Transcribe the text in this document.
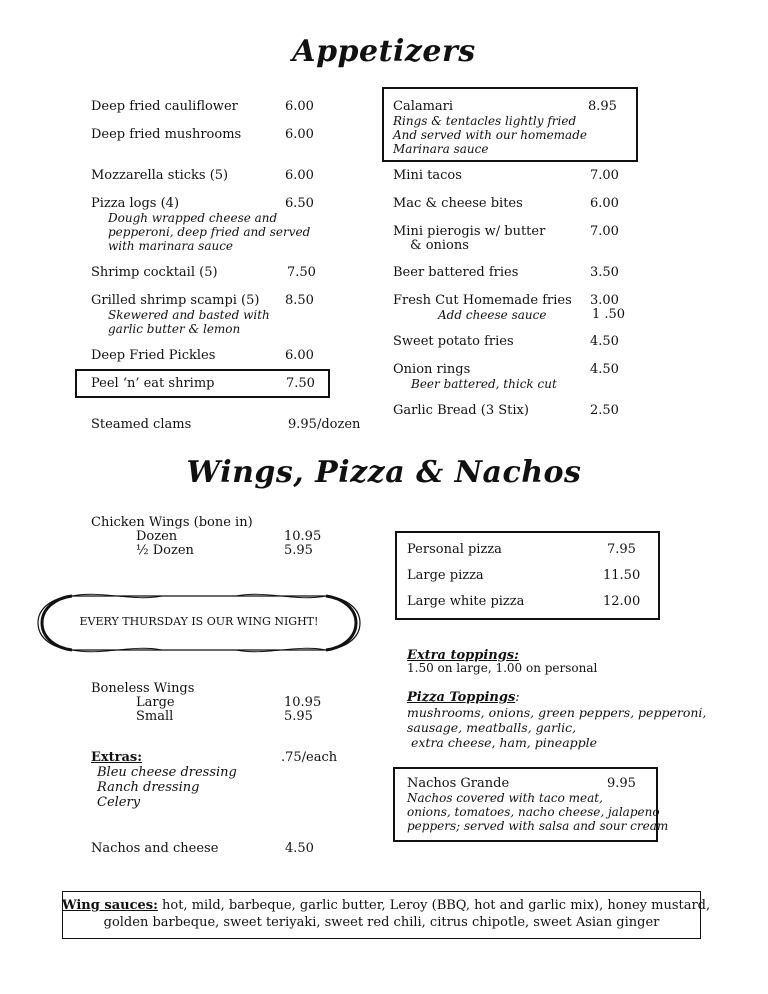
Appetizers
Deep fried cauliflower	6.00
Deep fried mushrooms	6.00
Mozzarella sticks (5)	6.00
Pizza logs (4)	6.50
Dough wrapped cheese and
pepperoni, deep fried and served
with marinara sauce
Shrimp cocktail (5)	7.50
Grilled shrimp scampi (5) 8.50
Skewered and basted with
garlic butter & lemon
Deep Fried Pickles	6.00
Peel ‘n’ eat shrimp	7.50
Steamed clams	9.95/dozen
Calamari	8.95
Rings & tentacles lightly fried
And served with our homemade
Marinara sauce
Mini tacos	7.00
Mac & cheese bites	6.00
Mini pierogis w/ butter	7.00
& onions
Beer battered fries	3.50
Fresh Cut Homemade fries 3.00
Add cheese sauce	1 .50
Sweet potato fries	4.50
Onion rings	4.50
Beer battered, thick cut
Garlic Bread (3 Stix)	2.50
Wings, Pizza & Nachos
Chicken Wings (bone in)
Dozen	10.95
½ Dozen	5.95
EVERY THURSDAY IS OUR WING NIGHT!
Boneless Wings
Large	10.95
Small	5.95
Extras:	.75/each
Bleu cheese dressing
Ranch dressing
Celery
Nachos and cheese	4.50
Personal pizza	7.95
Large pizza	11.50
Large white pizza	12.00
Extra toppings:
1.50 on large, 1.00 on personal
Pizza Toppings:
mushrooms, onions, green peppers, pepperoni,
sausage, meatballs, garlic,
extra cheese, ham, pineapple
Nachos Grande	9.95
Nachos covered with taco meat,
onions, tomatoes, nacho cheese, jalapeno
peppers; served with salsa and sour cream
Wing sauces: hot, mild, barbeque, garlic butter, Leroy (BBQ, hot and garlic mix), honey mustard,
golden barbeque, sweet teriyaki, sweet red chili, citrus chipotle, sweet Asian ginger
